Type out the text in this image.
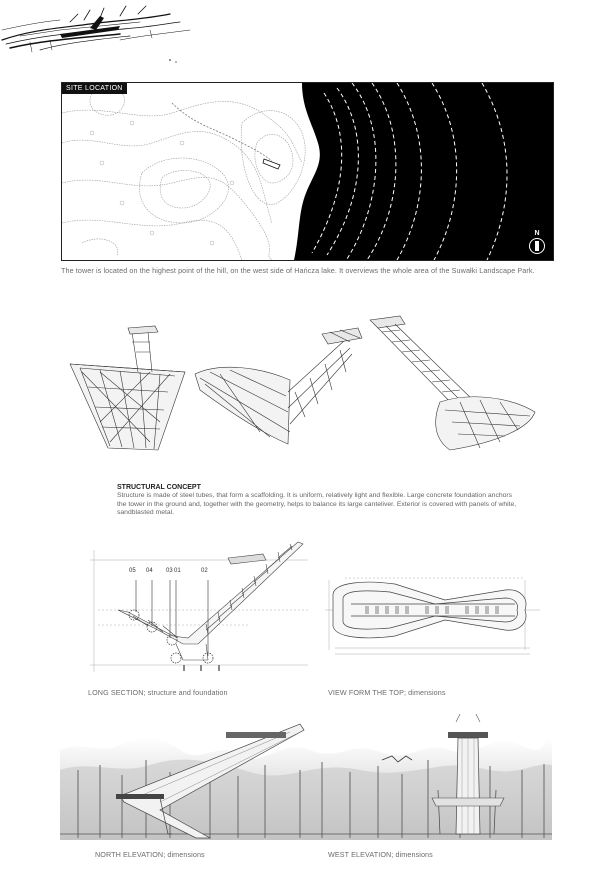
SITE LOCATION
N
The tower is located on the highest point of the hill, on the west side of Hańcza lake. It overviews the whole area of the Suwałki Landscape Park.
STRUCTURAL CONCEPT
Structure is made of steel tubes, that form a scaffolding. It is uniform, relatively light and flexible. Large concrete foundation anchors the tower in the ground and, together with the geometry, helps to balance its large canteliver. Exterior is covered with panels of white, sandblasted metal.
05 04 03 01	02
LONG SECTION; structure and foundation	VIEW FORM THE TOP; dimensions
NORTH ELEVATION; dimensions	WEST ELEVATION; dimensions
